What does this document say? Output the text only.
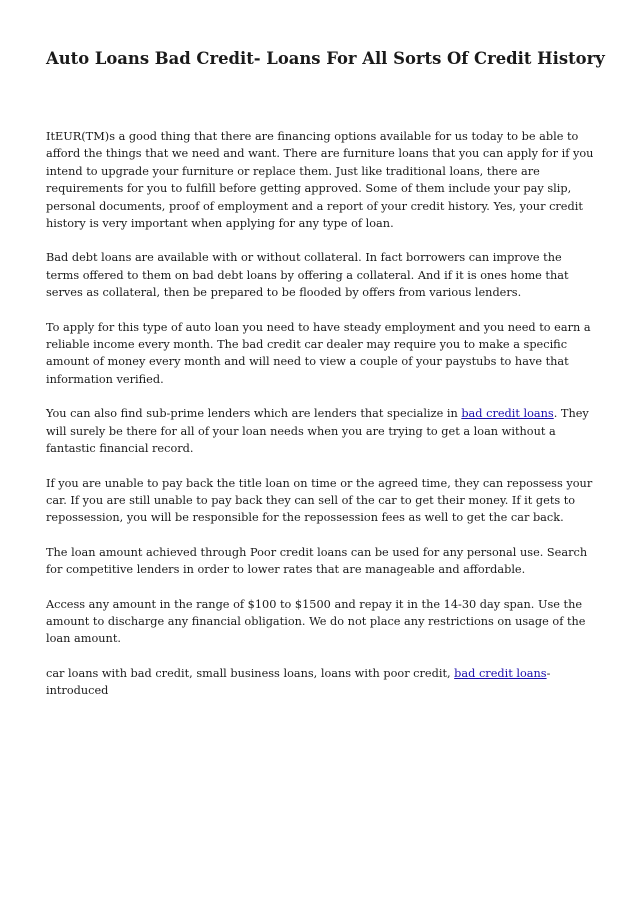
Auto Loans Bad Credit- Loans For All Sorts Of Credit History

ItEUR(TM)s a good thing that there are financing options available for us today to be able to afford the things that we need and want. There are furniture loans that you can apply for if you intend to upgrade your furniture or replace them. Just like traditional loans, there are requirements for you to fulfill before getting approved. Some of them include your pay slip, personal documents, proof of employment and a report of your credit history. Yes, your credit history is very important when applying for any type of loan.

Bad debt loans are available with or without collateral. In fact borrowers can improve the terms offered to them on bad debt loans by offering a collateral. And if it is ones home that serves as collateral, then be prepared to be flooded by offers from various lenders.

To apply for this type of auto loan you need to have steady employment and you need to earn a reliable income every month. The bad credit car dealer may require you to make a specific amount of money every month and will need to view a couple of your paystubs to have that information verified.

You can also find sub-prime lenders which are lenders that specialize in bad credit loans. They will surely be there for all of your loan needs when you are trying to get a loan without a fantastic financial record.

If you are unable to pay back the title loan on time or the agreed time, they can repossess your car. If you are still unable to pay back they can sell of the car to get their money. If it gets to repossession, you will be responsible for the repossession fees as well to get the car back.

The loan amount achieved through Poor credit loans can be used for any personal use. Search for competitive lenders in order to lower rates that are manageable and affordable.

Access any amount in the range of $100 to $1500 and repay it in the 14-30 day span. Use the amount to discharge any financial obligation. We do not place any restrictions on usage of the loan amount.

car loans with bad credit, small business loans, loans with poor credit, bad credit loans-introduced
